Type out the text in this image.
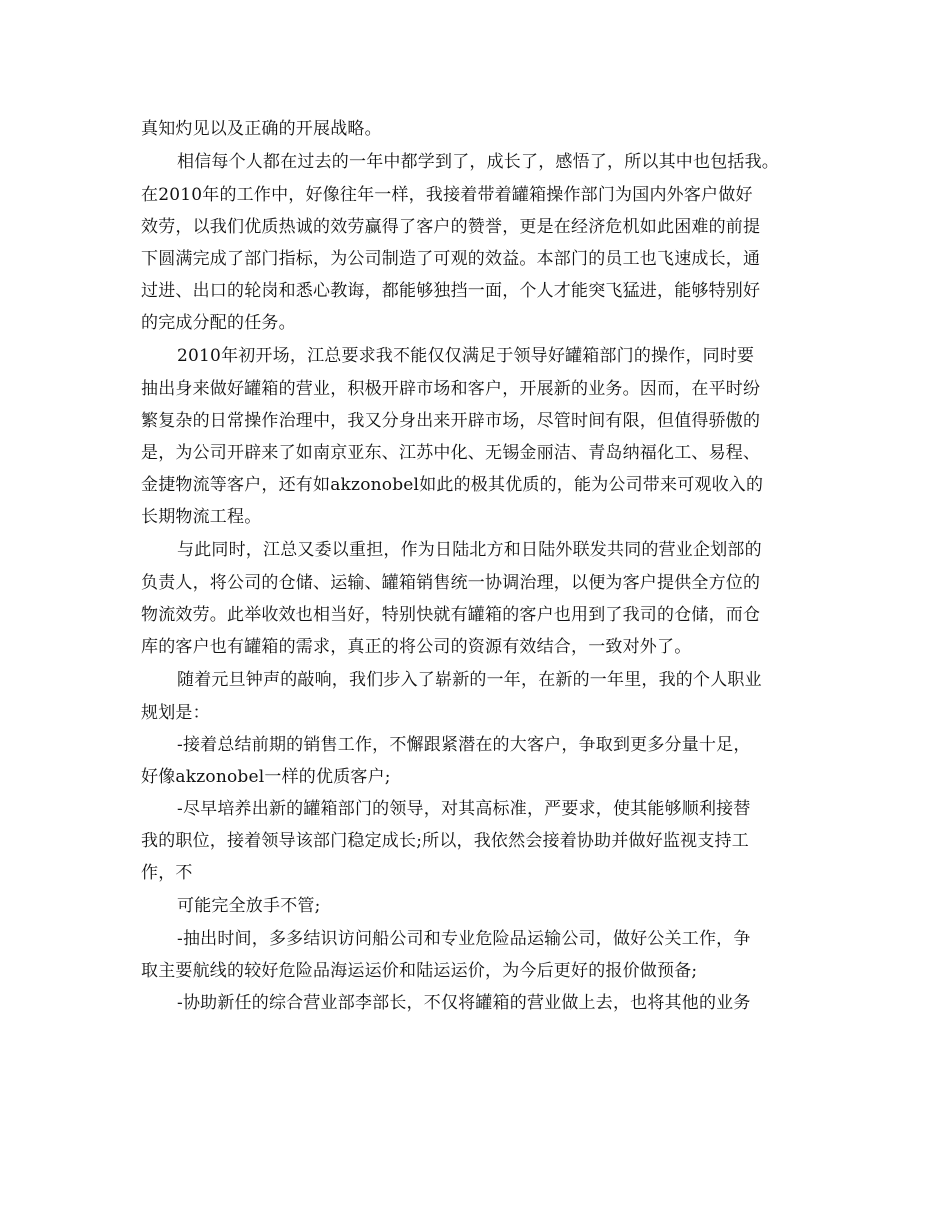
真知灼见以及正确的开展战略。
相信每个人都在过去的一年中都学到了，成长了，感悟了，所以其中也包括我。
在2010年的工作中，好像往年一样，我接着带着罐箱操作部门为国内外客户做好
效劳，以我们优质热诚的效劳赢得了客户的赞誉，更是在经济危机如此困难的前提
下圆满完成了部门指标，为公司制造了可观的效益。本部门的员工也飞速成长，通
过进、出口的轮岗和悉心教诲，都能够独挡一面，个人才能突飞猛进，能够特别好
的完成分配的任务。
2010年初开场，江总要求我不能仅仅满足于领导好罐箱部门的操作，同时要
抽出身来做好罐箱的营业，积极开辟市场和客户，开展新的业务。因而，在平时纷
繁复杂的日常操作治理中，我又分身出来开辟市场，尽管时间有限，但值得骄傲的
是，为公司开辟来了如南京亚东、江苏中化、无锡金丽洁、青岛纳福化工、易程、
金捷物流等客户，还有如akzonobel如此的极其优质的，能为公司带来可观收入的
长期物流工程。
与此同时，江总又委以重担，作为日陆北方和日陆外联发共同的营业企划部的
负责人，将公司的仓储、运输、罐箱销售统一协调治理，以便为客户提供全方位的
物流效劳。此举收效也相当好，特别快就有罐箱的客户也用到了我司的仓储，而仓
库的客户也有罐箱的需求，真正的将公司的资源有效结合，一致对外了。
随着元旦钟声的敲响，我们步入了崭新的一年，在新的一年里，我的个人职业
规划是：
-接着总结前期的销售工作，不懈跟紧潜在的大客户，争取到更多分量十足，
好像akzonobel一样的优质客户;
-尽早培养出新的罐箱部门的领导，对其高标准，严要求，使其能够顺利接替
我的职位，接着领导该部门稳定成长;所以，我依然会接着协助并做好监视支持工
作，不
可能完全放手不管;
-抽出时间，多多结识访问船公司和专业危险品运输公司，做好公关工作，争
取主要航线的较好危险品海运运价和陆运运价，为今后更好的报价做预备;
-协助新任的综合营业部李部长，不仅将罐箱的营业做上去，也将其他的业务
